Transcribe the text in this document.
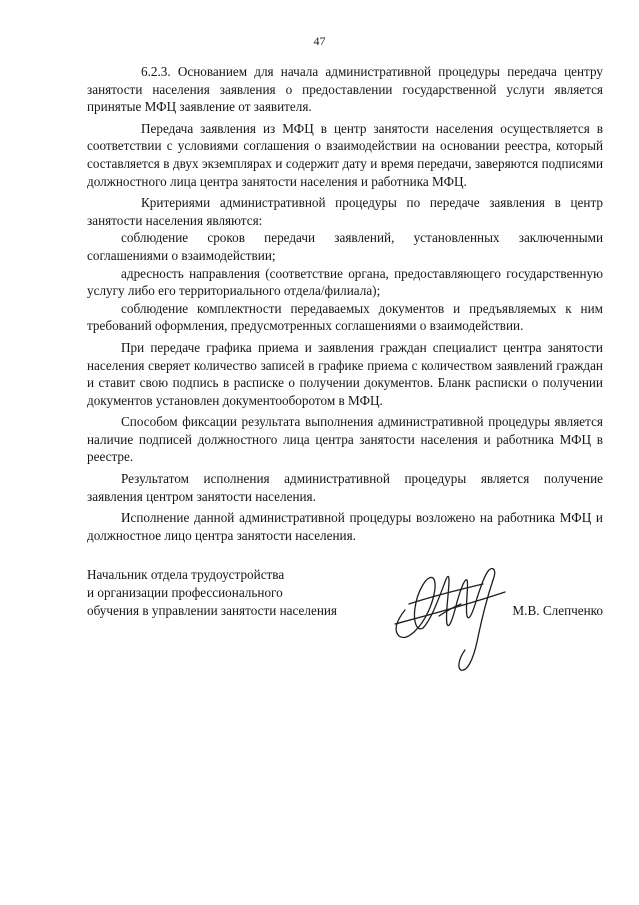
47

6.2.3. Основанием для начала административной процедуры передача центру занятости населения заявления о предоставлении государственной услуги является принятые МФЦ заявление от заявителя.

Передача заявления из МФЦ в центр занятости населения осуществляется в соответствии с условиями соглашения о взаимодействии на основании реестра, который составляется в двух экземплярах и содержит дату и время передачи, заверяются подписями должностного лица центра занятости населения и работника МФЦ.

Критериями административной процедуры по передаче заявления в центр занятости населения являются:

соблюдение сроков передачи заявлений, установленных заключенными соглашениями о взаимодействии;

адресность направления (соответствие органа, предоставляющего государственную услугу либо его территориального отдела/филиала);

соблюдение комплектности передаваемых документов и предъявляемых к ним требований оформления, предусмотренных соглашениями о взаимодействии.

При передаче графика приема и заявления граждан специалист центра занятости населения сверяет количество записей в графике приема с количеством заявлений граждан и ставит свою подпись в расписке о получении документов. Бланк расписки о получении документов установлен документооборотом в МФЦ.

Способом фиксации результата выполнения административной процедуры является наличие подписей должностного лица центра занятости населения и работника МФЦ в реестре.

Результатом исполнения административной процедуры является получение заявления центром занятости населения.

Исполнение данной административной процедуры возложено на работника МФЦ и должностное лицо центра занятости населения.

Начальник отдела трудоустройства
и организации профессионального
обучения в управлении занятости населения	М.В. Слепченко
